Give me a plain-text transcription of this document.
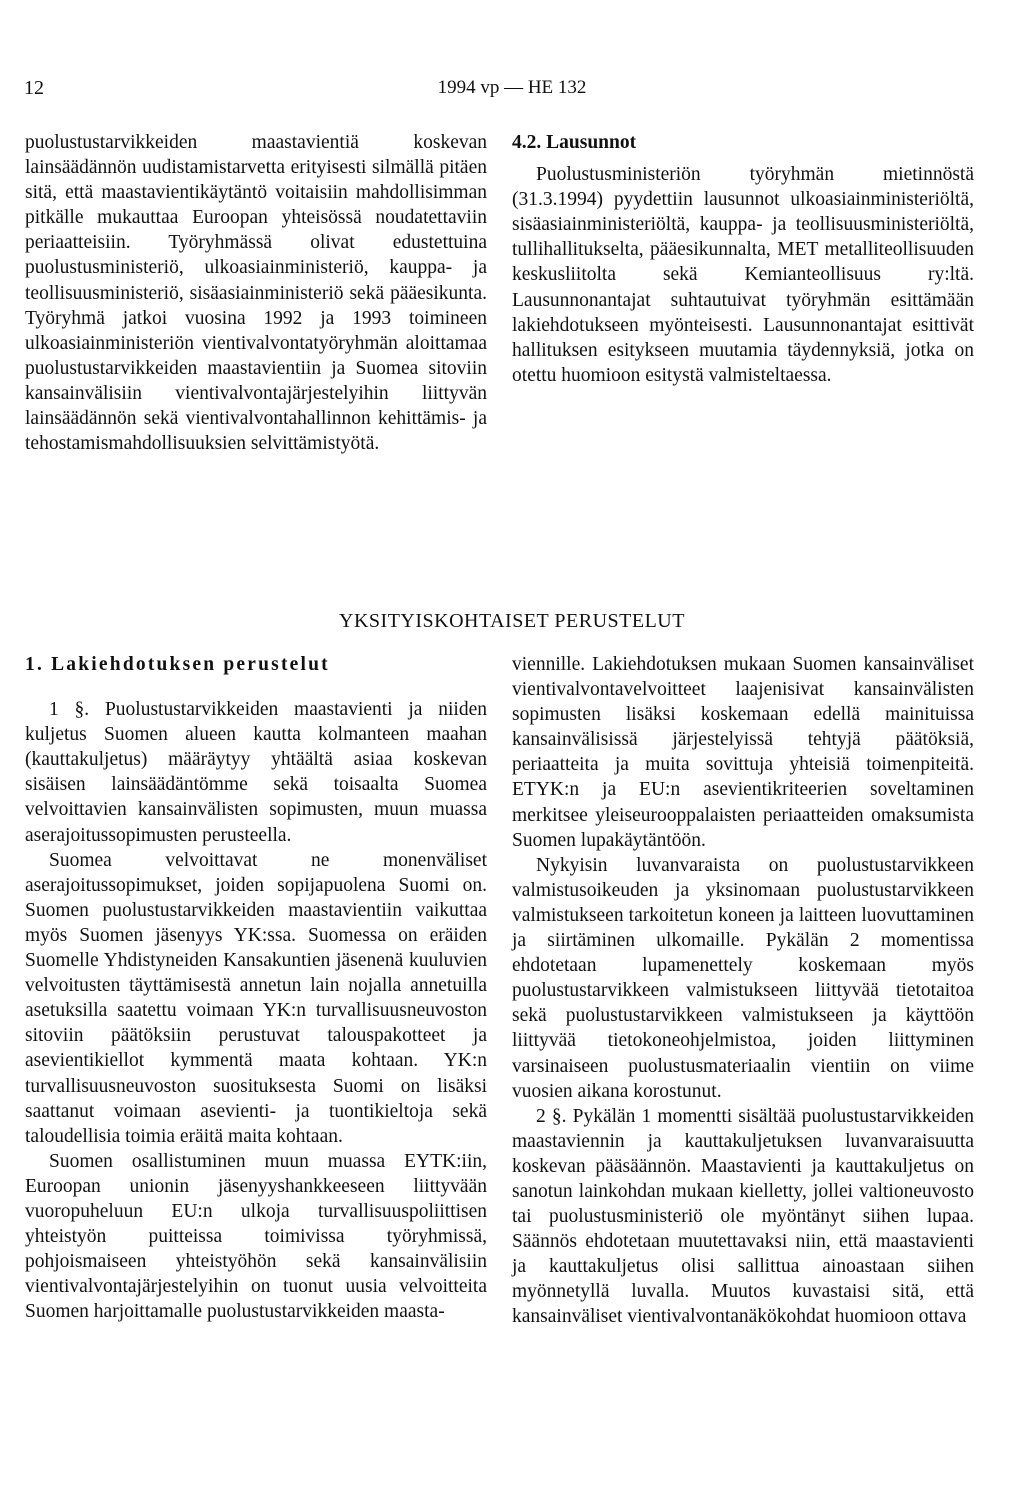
12	1994 vp — HE 132

puolustustarvikkeiden maastavientiä koskevan lainsäädännön uudistamistarvetta erityisesti silmällä pitäen sitä, että maastavientikäytäntö voitaisiin mahdollisimman pitkälle mukauttaa Euroopan yhteisössä noudatettaviin periaatteisiin. Työryhmässä olivat edustettuina puolustusministeriö, ulkoasiainministeriö, kauppa- ja teollisuusministeriö, sisäasiainministeriö sekä pääesikunta. Työryhmä jatkoi vuosina 1992 ja 1993 toimineen ulkoasiainministeriön vientivalvontatyöryhmän aloittamaa puolustustarvikkeiden maastavientiin ja Suomea sitoviin kansainvälisiin vientivalvontajärjestelyihin liittyvän lainsäädännön sekä vientivalvontahallinnon kehittämis- ja tehostamismahdollisuuksien selvittämistyötä.

4.2. Lausunnot

Puolustusministeriön työryhmän mietinnöstä (31.3.1994) pyydettiin lausunnot ulkoasiainministeriöltä, sisäasiainministeriöltä, kauppa- ja teollisuusministeriöltä, tullihallitukselta, pääesikunnalta, MET metalliteollisuuden keskusliitolta sekä Kemianteollisuus ry:ltä. Lausunnonantajat suhtautuivat työryhmän esittämään lakiehdotukseen myönteisesti. Lausunnonantajat esittivät hallituksen esitykseen muutamia täydennyksiä, jotka on otettu huomioon esitystä valmisteltaessa.

YKSITYISKOHTAISET PERUSTELUT
1. Lakiehdotuksen perustelut

1 §. Puolustustarvikkeiden maastavienti ja niiden kuljetus Suomen alueen kautta kolmanteen maahan (kauttakuljetus) määräytyy yhtäältä asiaa koskevan sisäisen lainsäädäntömme sekä toisaalta Suomea velvoittavien kansainvälisten sopimusten, muun muassa aserajoitussopimusten perusteella.

Suomea velvoittavat ne monenväliset aserajoitussopimukset, joiden sopijapuolena Suomi on. Suomen puolustustarvikkeiden maastavientiin vaikuttaa myös Suomen jäsenyys YK:ssa. Suomessa on eräiden Suomelle Yhdistyneiden Kansakuntien jäsenenä kuuluvien velvoitusten täyttämisestä annetun lain nojalla annetuilla asetuksilla saatettu voimaan YK:n turvallisuusneuvoston sitoviin päätöksiin perustuvat talouspakotteet ja asevientikiellot kymmentä maata kohtaan. YK:n turvallisuusneuvoston suosituksesta Suomi on lisäksi saattanut voimaan asevienti- ja tuontikieltoja sekä taloudellisia toimia eräitä maita kohtaan.

Suomen osallistuminen muun muassa EYTK:iin, Euroopan unionin jäsenyyshankkeeseen liittyvään vuoropuheluun EU:n ulkoja turvallisuuspoliittisen yhteistyön puitteissa toimivissa työryhmissä, pohjoismaiseen yhteistyöhön sekä kansainvälisiin vientivalvontajärjestelyihin on tuonut uusia velvoitteita Suomen harjoittamalle puolustustarvikkeiden maasta-

viennille. Lakiehdotuksen mukaan Suomen kansainväliset vientivalvontavelvoitteet laajenisivat kansainvälisten sopimusten lisäksi koskemaan edellä mainituissa kansainvälisissä järjestelyissä tehtyjä päätöksiä, periaatteita ja muita sovittuja yhteisiä toimenpiteitä. ETYK:n ja EU:n asevientikriteerien soveltaminen merkitsee yleiseurooppalaisten periaatteiden omaksumista Suomen lupakäytäntöön.

Nykyisin luvanvaraista on puolustustarvikkeen valmistusoikeuden ja yksinomaan puolustustarvikkeen valmistukseen tarkoitetun koneen ja laitteen luovuttaminen ja siirtäminen ulkomaille. Pykälän 2 momentissa ehdotetaan lupamenettely koskemaan myös puolustustarvikkeen valmistukseen liittyvää tietotaitoa sekä puolustustarvikkeen valmistukseen ja käyttöön liittyvää tietokoneohjelmistoa, joiden liittyminen varsinaiseen puolustusmateriaalin vientiin on viime vuosien aikana korostunut.

2 §. Pykälän 1 momentti sisältää puolustustarvikkeiden maastaviennin ja kauttakuljetuksen luvanvaraisuutta koskevan pääsäännön. Maastavienti ja kauttakuljetus on sanotun lainkohdan mukaan kielletty, jollei valtioneuvosto tai puolustusministeriö ole myöntänyt siihen lupaa. Säännös ehdotetaan muutettavaksi niin, että maastavienti ja kauttakuljetus olisi sallittua ainoastaan siihen myönnetyllä luvalla. Muutos kuvastaisi sitä, että kansainväliset vientivalvontanäkökohdat huomioon ottava
